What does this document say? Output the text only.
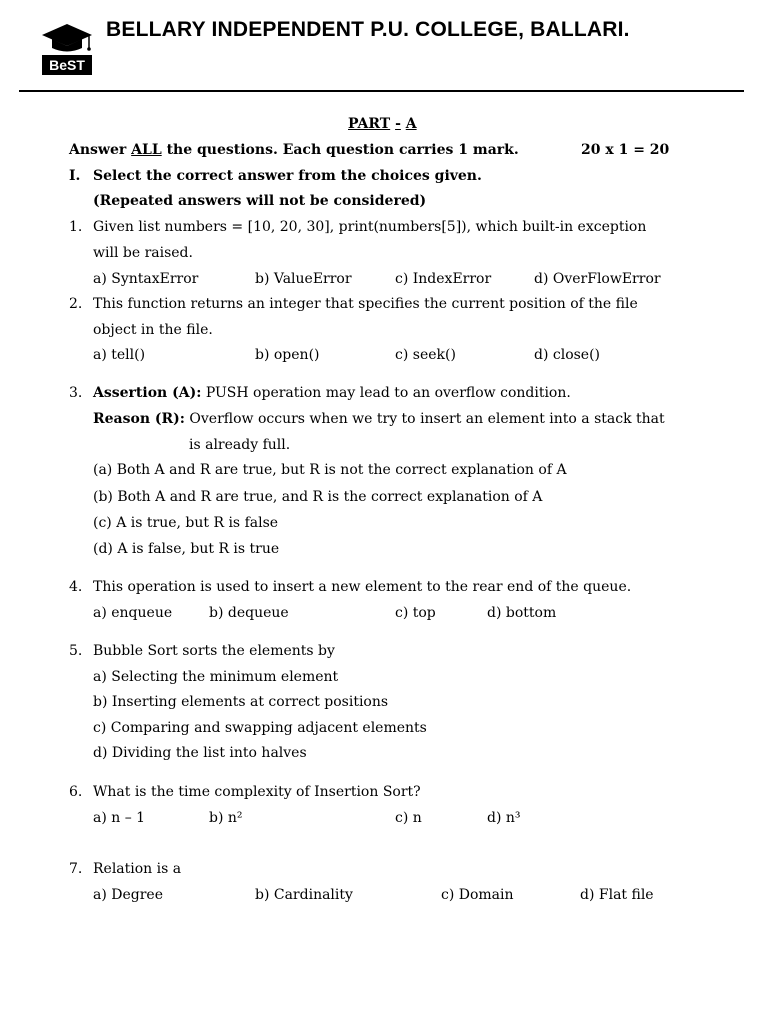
BeST
BELLARY INDEPENDENT P.U. COLLEGE, BALLARI.
PART - A
Answer ALL the questions. Each question carries 1 mark.	20 x 1 = 20
I. Select the correct answer from the choices given.
(Repeated answers will not be considered)
1. Given list numbers = [10, 20, 30], print(numbers[5]), which built-in exception
will be raised.
a) SyntaxError	b) ValueError	c) IndexError	d) OverFlowError
2. This function returns an integer that specifies the current position of the file
object in the file.
a) tell()	b) open()	c) seek()	d) close()
3. Assertion (A): PUSH operation may lead to an overflow condition.
Reason (R): Overflow occurs when we try to insert an element into a stack that
is already full.
(a) Both A and R are true, but R is not the correct explanation of A
(b) Both A and R are true, and R is the correct explanation of A
(c) A is true, but R is false
(d) A is false, but R is true
4. This operation is used to insert a new element to the rear end of the queue.
a) enqueue	b) dequeue	c) top	d) bottom
5. Bubble Sort sorts the elements by
a) Selecting the minimum element
b) Inserting elements at correct positions
c) Comparing and swapping adjacent elements
d) Dividing the list into halves
6. What is the time complexity of Insertion Sort?
a) n – 1	b) n²	c) n	d) n³
7. Relation is a
a) Degree	b) Cardinality	c) Domain	d) Flat file
